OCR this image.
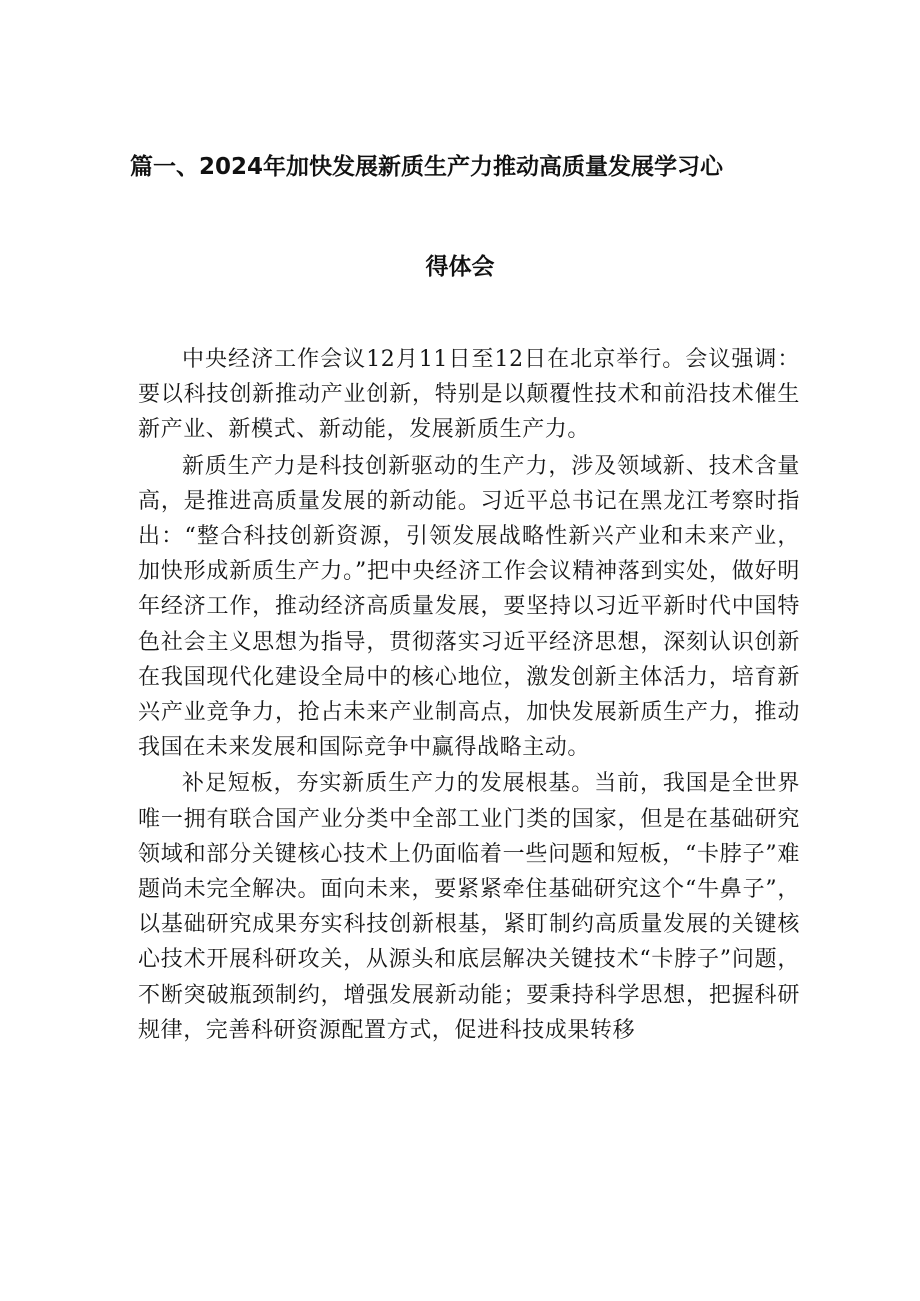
篇一、2024年加快发展新质生产力推动高质量发展学习心
得体会

中央经济工作会议12月11日至12日在北京举行。会议强调：要以科技创新推动产业创新，特别是以颠覆性技术和前沿技术催生新产业、新模式、新动能，发展新质生产力。

新质生产力是科技创新驱动的生产力，涉及领域新、技术含量高，是推进高质量发展的新动能。习近平总书记在黑龙江考察时指出：“整合科技创新资源，引领发展战略性新兴产业和未来产业，加快形成新质生产力。”把中央经济工作会议精神落到实处，做好明年经济工作，推动经济高质量发展，要坚持以习近平新时代中国特色社会主义思想为指导，贯彻落实习近平经济思想，深刻认识创新在我国现代化建设全局中的核心地位，激发创新主体活力，培育新兴产业竞争力，抢占未来产业制高点，加快发展新质生产力，推动我国在未来发展和国际竞争中赢得战略主动。

补足短板，夯实新质生产力的发展根基。当前，我国是全世界唯一拥有联合国产业分类中全部工业门类的国家，但是在基础研究领域和部分关键核心技术上仍面临着一些问题和短板，“卡脖子”难题尚未完全解决。面向未来，要紧紧牵住基础研究这个“牛鼻子”，以基础研究成果夯实科技创新根基，紧盯制约高质量发展的关键核心技术开展科研攻关，从源头和底层解决关键技术“卡脖子”问题，不断突破瓶颈制约，增强发展新动能；要秉持科学思想，把握科研规律，完善科研资源配置方式，促进科技成果转移
